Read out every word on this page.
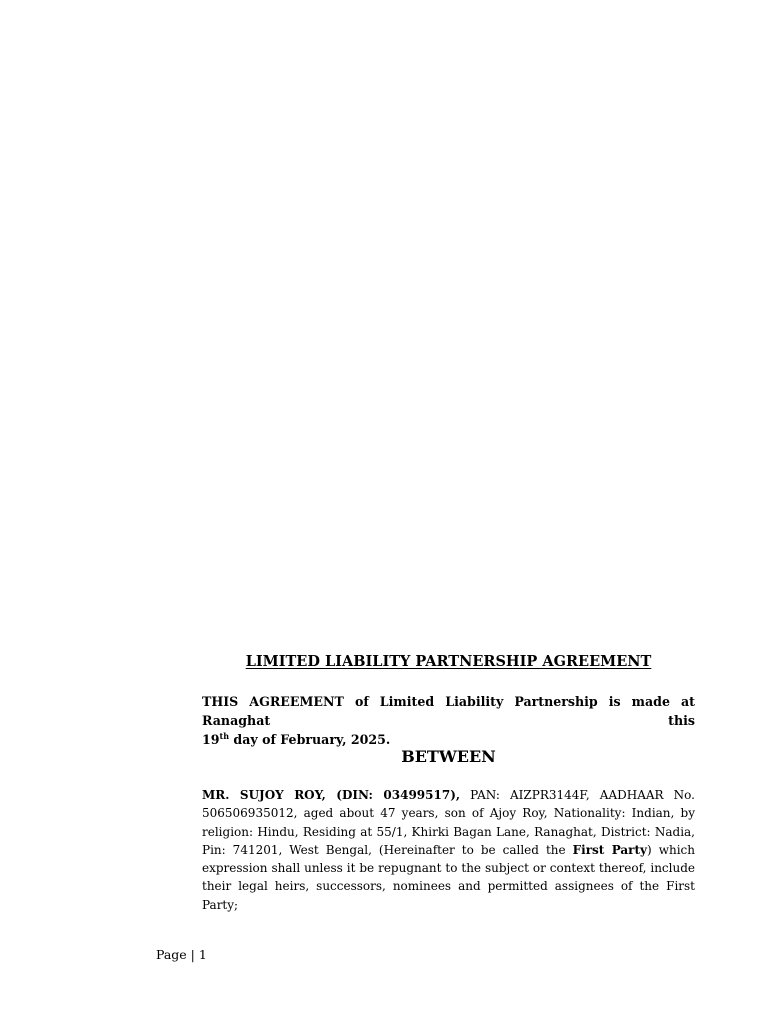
LIMITED LIABILITY PARTNERSHIP AGREEMENT
THIS AGREEMENT of Limited Liability Partnership is made at Ranaghat this
19th day of February, 2025.
BETWEEN
MR. SUJOY ROY, (DIN: 03499517), PAN: AIZPR3144F, AADHAAR No. 506506935012, aged about 47 years, son of Ajoy Roy, Nationality: Indian, by religion: Hindu, Residing at 55/1, Khirki Bagan Lane, Ranaghat, District: Nadia, Pin: 741201, West Bengal, (Hereinafter to be called the First Party) which expression shall unless it be repugnant to the subject or context thereof, include their legal heirs, successors, nominees and permitted assignees of the First Party;
Page | 1
